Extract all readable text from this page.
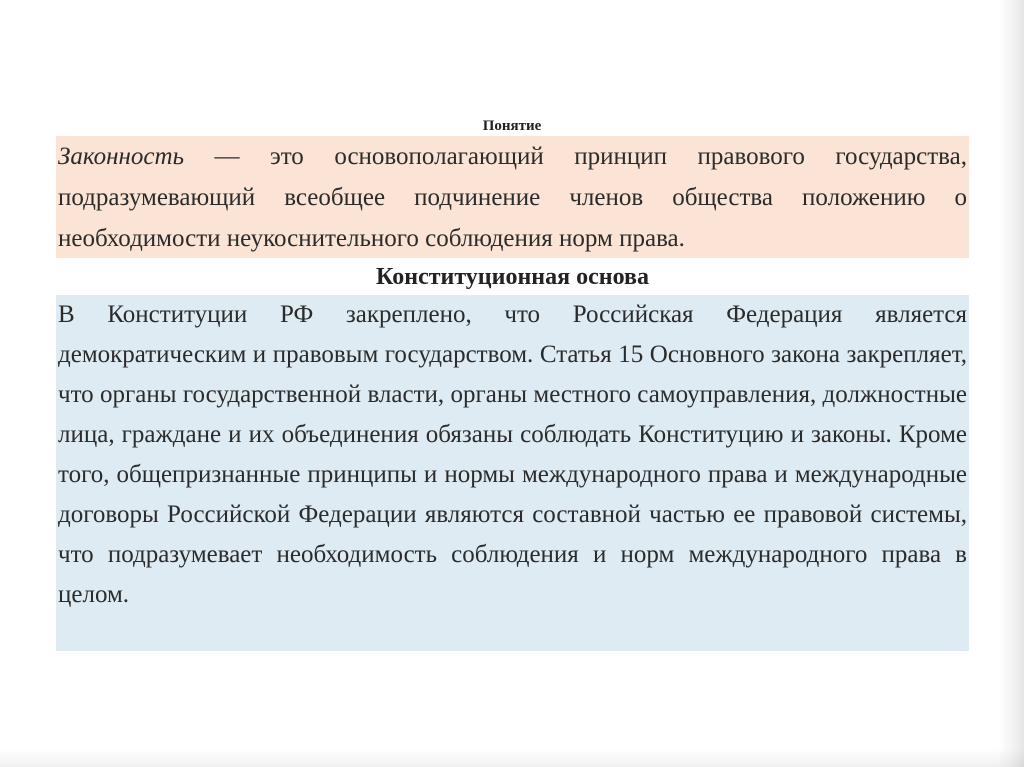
Понятие
Законность — это основополагающий принцип правового государства, подразумевающий всеобщее подчинение членов общества положению о необходимости неукоснительного соблюдения норм права.
Конституционная основа
В Конституции РФ закреплено, что Российская Федерация является демократическим и правовым государством. Статья 15 Основного закона закрепляет, что органы государственной власти, органы местного самоуправления, должностные лица, граждане и их объединения обязаны соблюдать Конституцию и законы. Кроме того, общепризнанные принципы и нормы международного права и международные договоры Российской Федерации являются составной частью ее правовой системы, что подразумевает необходимость соблюдения и норм международного права в целом.
